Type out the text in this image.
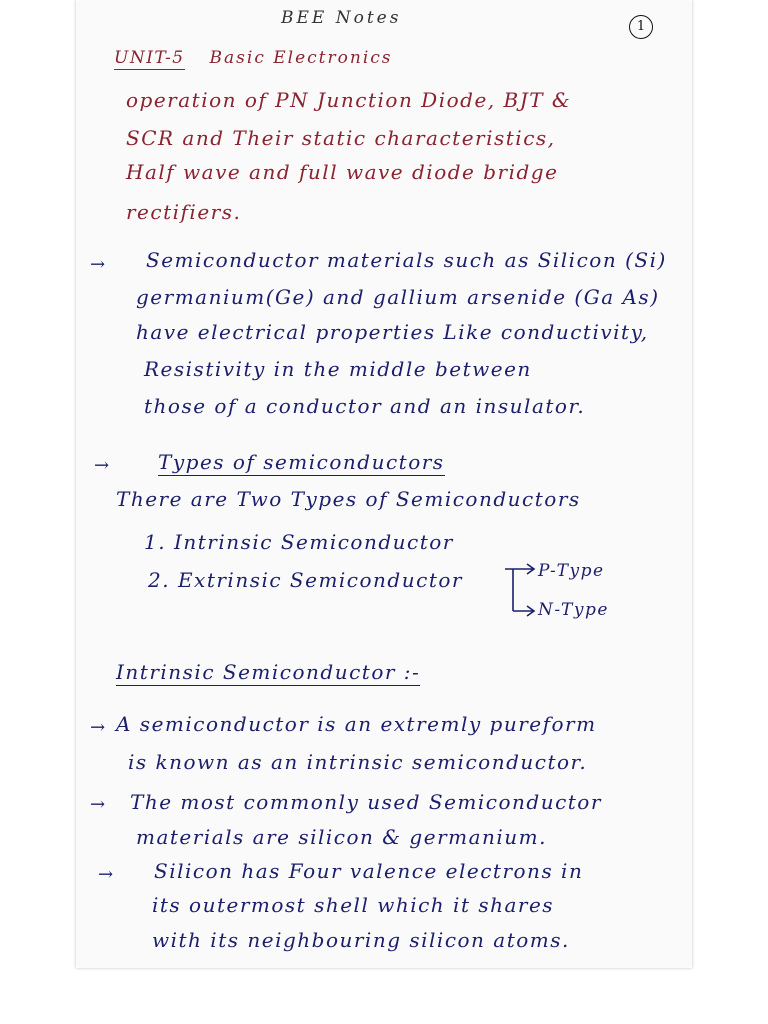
BEE Notes	1
UNIT-5 Basic Electronics
operation of PN Junction Diode, BJT &
SCR and Their static characteristics,
Half wave and full wave diode bridge
rectifiers.
→ Semiconductor materials such as Silicon (Si)
germanium(Ge) and gallium arsenide (Ga As)
have electrical properties Like conductivity,
Resistivity in the middle between
those of a conductor and an insulator.
→ Types of semiconductors
There are Two Types of Semiconductors
1. Intrinsic Semiconductor
2. Extrinsic Semiconductor	P-Type
N-Type
Intrinsic Semiconductor :-
→ A semiconductor is an extremly pureform
is known as an intrinsic semiconductor.
→ The most commonly used Semiconductor
materials are silicon & germanium.
→ Silicon has Four valence electrons in
its outermost shell which it shares
with its neighbouring silicon atoms.
